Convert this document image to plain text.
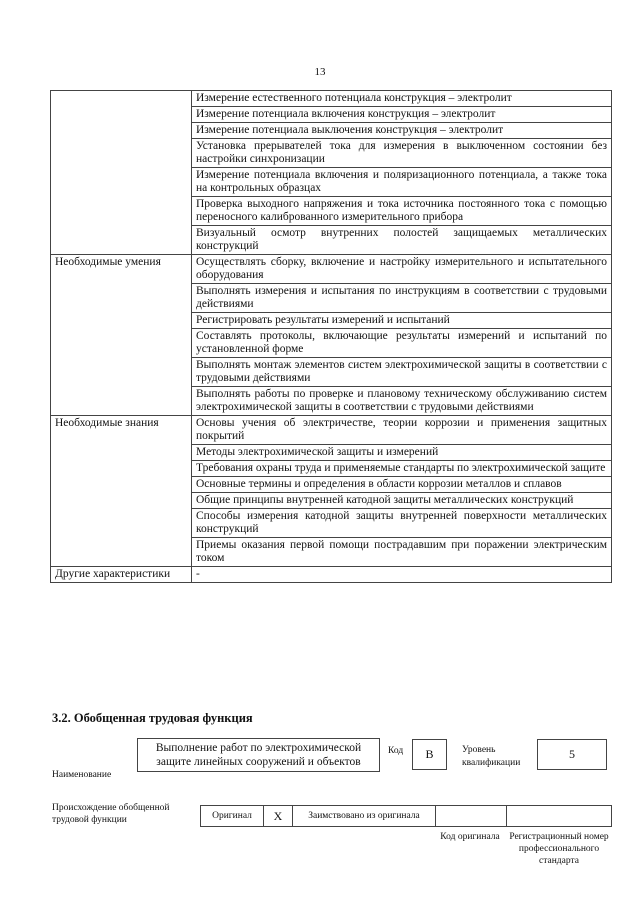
13
	Измерение естественного потенциала конструкция – электролит
	Измерение потенциала включения конструкция – электролит
	Измерение потенциала выключения конструкция – электролит
	Установка прерывателей тока для измерения в выключенном состоянии без настройки синхронизации
	Измерение потенциала включения и поляризационного потенциала, а также тока на контрольных образцах
	Проверка выходного напряжения и тока источника постоянного тока с помощью переносного калиброванного измерительного прибора
	Визуальный осмотр внутренних полостей защищаемых металлических конструкций
Необходимые умения	Осуществлять сборку, включение и настройку измерительного и испытательного оборудования
	Выполнять измерения и испытания по инструкциям в соответствии с трудовыми действиями
	Регистрировать результаты измерений и испытаний
	Составлять протоколы, включающие результаты измерений и испытаний по установленной форме
	Выполнять монтаж элементов систем электрохимической защиты в соответствии с трудовыми действиями
	Выполнять работы по проверке и плановому техническому обслуживанию систем электрохимической защиты в соответствии с трудовыми действиями
Необходимые знания	Основы учения об электричестве, теории коррозии и применения защитных покрытий
	Методы электрохимической защиты и измерений
	Требования охраны труда и применяемые стандарты по электрохимической защите
	Основные термины и определения в области коррозии металлов и сплавов
	Общие принципы внутренней катодной защиты металлических конструкций
	Способы измерения катодной защиты внутренней поверхности металлических конструкций
	Приемы оказания первой помощи пострадавшим при поражении электрическим током
Другие характеристики	-
3.2. Обобщенная трудовая функция
Наименование
Выполнение работ по электрохимической защите линейных сооружений и объектов
Код В	Уровень квалификации
5
Происхождение обобщенной трудовой функции	Оригинал Х	Заимствовано из оригинала
Код оригинала	Регистрационный номер профессионального стандарта
